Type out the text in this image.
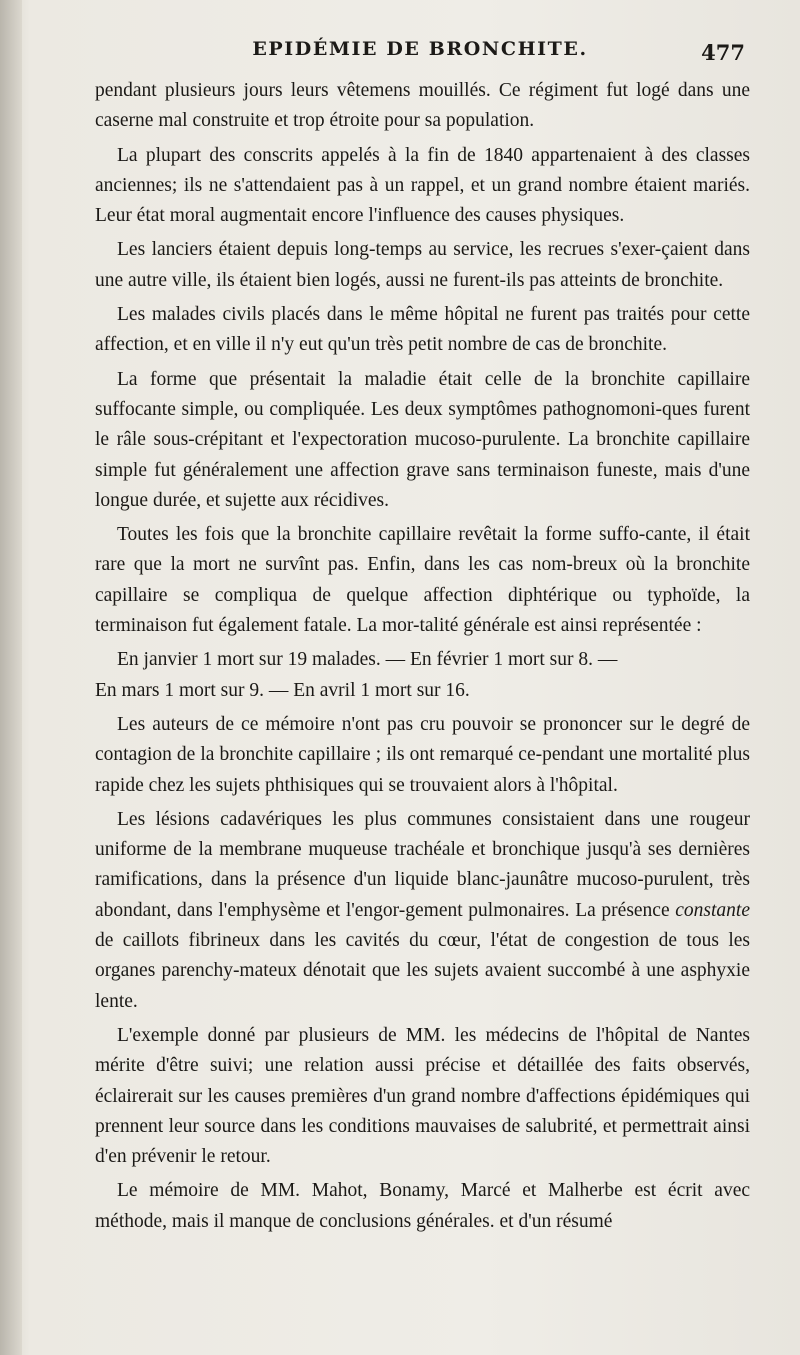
EPIDÉMIE DE BRONCHITE.	477

pendant plusieurs jours leurs vêtemens mouillés. Ce régiment fut logé dans une caserne mal construite et trop étroite pour sa population.

La plupart des conscrits appelés à la fin de 1840 appartenaient à des classes anciennes; ils ne s'attendaient pas à un rappel, et un grand nombre étaient mariés. Leur état moral augmentait encore l'influence des causes physiques.

Les lanciers étaient depuis long-temps au service, les recrues s'exer-çaient dans une autre ville, ils étaient bien logés, aussi ne furent-ils pas atteints de bronchite.

Les malades civils placés dans le même hôpital ne furent pas traités pour cette affection, et en ville il n'y eut qu'un très petit nombre de cas de bronchite.

La forme que présentait la maladie était celle de la bronchite capillaire suffocante simple, ou compliquée. Les deux symptômes pathognomoni-ques furent le râle sous-crépitant et l'expectoration mucoso-purulente. La bronchite capillaire simple fut généralement une affection grave sans terminaison funeste, mais d'une longue durée, et sujette aux récidives.

Toutes les fois que la bronchite capillaire revêtait la forme suffo-cante, il était rare que la mort ne survînt pas. Enfin, dans les cas nom-breux où la bronchite capillaire se compliqua de quelque affection diphtérique ou typhoïde, la terminaison fut également fatale. La mor-talité générale est ainsi représentée :

En janvier 1 mort sur 19 malades. — En février 1 mort sur 8. —
En mars 1 mort sur 9. — En avril 1 mort sur 16.

Les auteurs de ce mémoire n'ont pas cru pouvoir se prononcer sur le degré de contagion de la bronchite capillaire ; ils ont remarqué ce-pendant une mortalité plus rapide chez les sujets phthisiques qui se trouvaient alors à l'hôpital.

Les lésions cadavériques les plus communes consistaient dans une rougeur uniforme de la membrane muqueuse trachéale et bronchique jusqu'à ses dernières ramifications, dans la présence d'un liquide blanc-jaunâtre mucoso-purulent, très abondant, dans l'emphysème et l'engor-gement pulmonaires. La présence constante de caillots fibrineux dans les cavités du cœur, l'état de congestion de tous les organes parenchy-mateux dénotait que les sujets avaient succombé à une asphyxie lente.

L'exemple donné par plusieurs de MM. les médecins de l'hôpital de Nantes mérite d'être suivi; une relation aussi précise et détaillée des faits observés, éclairerait sur les causes premières d'un grand nombre d'affections épidémiques qui prennent leur source dans les conditions mauvaises de salubrité, et permettrait ainsi d'en prévenir le retour.

Le mémoire de MM. Mahot, Bonamy, Marcé et Malherbe est écrit avec méthode, mais il manque de conclusions générales. et d'un résumé
